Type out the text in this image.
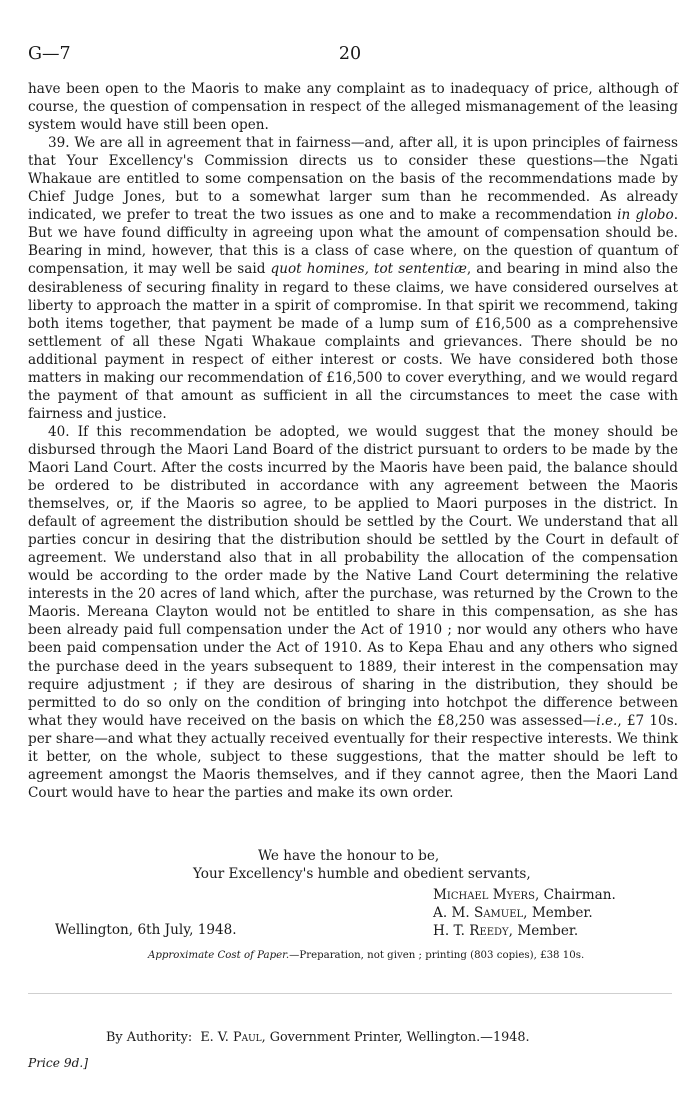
G—7	20

have been open to the Maoris to make any complaint as to inadequacy of price, although of course, the question of compensation in respect of the alleged mismanagement of the leasing system would have still been open.

39. We are all in agreement that in fairness—and, after all, it is upon principles of fairness that Your Excellency's Commission directs us to consider these questions—the Ngati Whakaue are entitled to some compensation on the basis of the recommendations made by Chief Judge Jones, but to a somewhat larger sum than he recommended. As already indicated, we prefer to treat the two issues as one and to make a recommendation in globo. But we have found difficulty in agreeing upon what the amount of compensation should be. Bearing in mind, however, that this is a class of case where, on the question of quantum of compensation, it may well be said quot homines, tot sententiæ, and bearing in mind also the desirableness of securing finality in regard to these claims, we have considered ourselves at liberty to approach the matter in a spirit of compromise. In that spirit we recommend, taking both items together, that payment be made of a lump sum of £16,500 as a comprehensive settlement of all these Ngati Whakaue complaints and grievances. There should be no additional payment in respect of either interest or costs. We have considered both those matters in making our recommendation of £16,500 to cover everything, and we would regard the payment of that amount as sufficient in all the circumstances to meet the case with fairness and justice.

40. If this recommendation be adopted, we would suggest that the money should be disbursed through the Maori Land Board of the district pursuant to orders to be made by the Maori Land Court. After the costs incurred by the Maoris have been paid, the balance should be ordered to be distributed in accordance with any agreement between the Maoris themselves, or, if the Maoris so agree, to be applied to Maori purposes in the district. In default of agreement the distribution should be settled by the Court. We understand that all parties concur in desiring that the distribution should be settled by the Court in default of agreement. We understand also that in all probability the allocation of the compensation would be according to the order made by the Native Land Court determining the relative interests in the 20 acres of land which, after the purchase, was returned by the Crown to the Maoris. Mereana Clayton would not be entitled to share in this compensation, as she has been already paid full compensation under the Act of 1910 ; nor would any others who have been paid compensation under the Act of 1910. As to Kepa Ehau and any others who signed the purchase deed in the years subsequent to 1889, their interest in the compensation may require adjustment ; if they are desirous of sharing in the distribution, they should be permitted to do so only on the condition of bringing into hotchpot the difference between what they would have received on the basis on which the £8,250 was assessed—i.e., £7 10s. per share—and what they actually received eventually for their respective interests. We think it better, on the whole, subject to these suggestions, that the matter should be left to agreement amongst the Maoris themselves, and if they cannot agree, then the Maori Land Court would have to hear the parties and make its own order.

We have the honour to be,
Your Excellency's humble and obedient servants,
Michael Myers, Chairman.
A. M. Samuel, Member.
H. T. Reedy, Member.
Wellington, 6th July, 1948.
Approximate Cost of Paper.—Preparation, not given ; printing (803 copies), £38 10s.
By Authority: E. V. Paul, Government Printer, Wellington.—1948.
Price 9d.]
